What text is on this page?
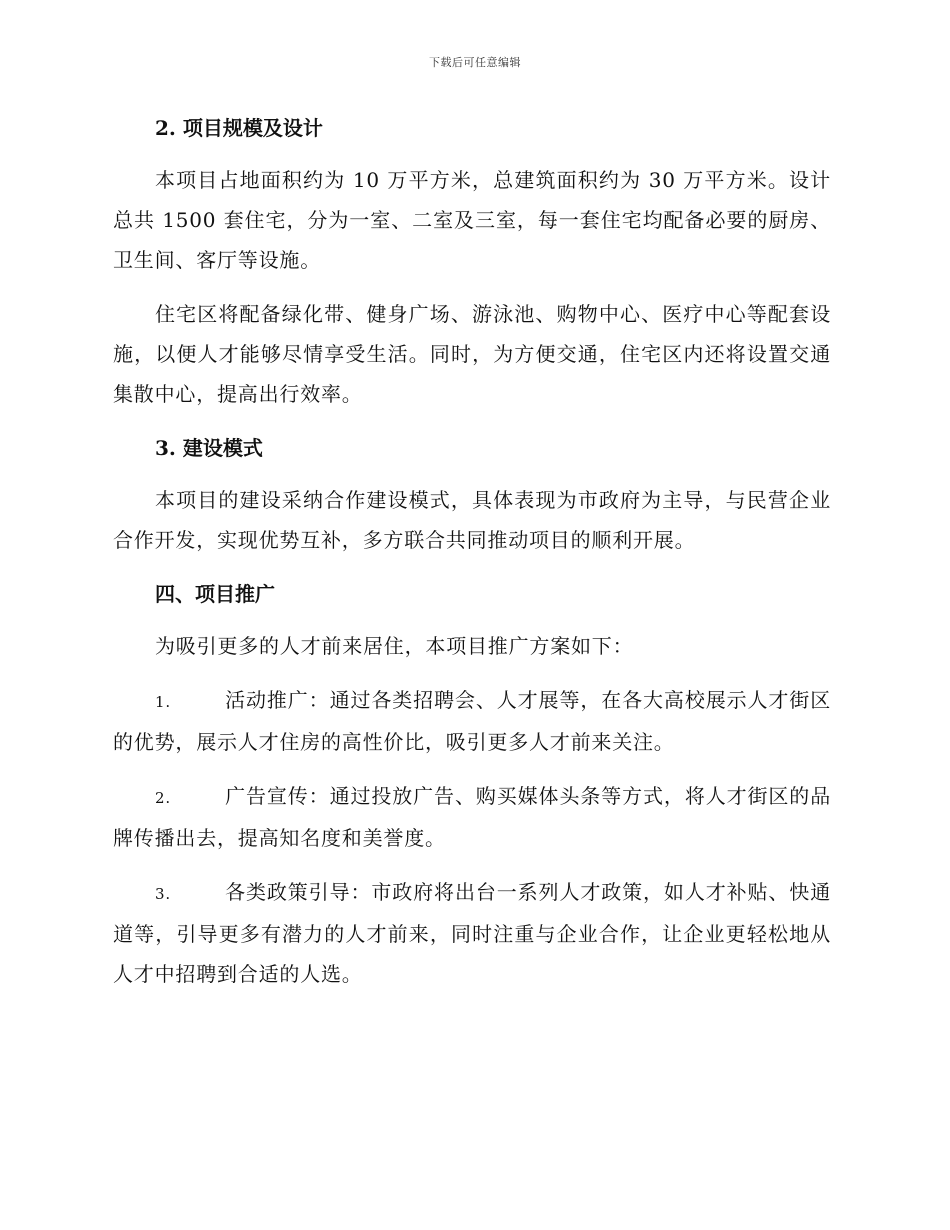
下载后可任意编辑

2. 项目规模及设计

本项目占地面积约为 10 万平方米，总建筑面积约为 30 万平方米。设计总共 1500 套住宅，分为一室、二室及三室，每一套住宅均配备必要的厨房、卫生间、客厅等设施。

住宅区将配备绿化带、健身广场、游泳池、购物中心、医疗中心等配套设施，以便人才能够尽情享受生活。同时，为方便交通，住宅区内还将设置交通集散中心，提高出行效率。

3. 建设模式

本项目的建设采纳合作建设模式，具体表现为市政府为主导，与民营企业合作开发，实现优势互补，多方联合共同推动项目的顺利开展。

四、项目推广

为吸引更多的人才前来居住，本项目推广方案如下：

1.	活动推广：通过各类招聘会、人才展等，在各大高校展示人才街区的优势，展示人才住房的高性价比，吸引更多人才前来关注。

2.	广告宣传：通过投放广告、购买媒体头条等方式，将人才街区的品牌传播出去，提高知名度和美誉度。

3.	各类政策引导：市政府将出台一系列人才政策，如人才补贴、快通道等，引导更多有潜力的人才前来，同时注重与企业合作，让企业更轻松地从人才中招聘到合适的人选。
